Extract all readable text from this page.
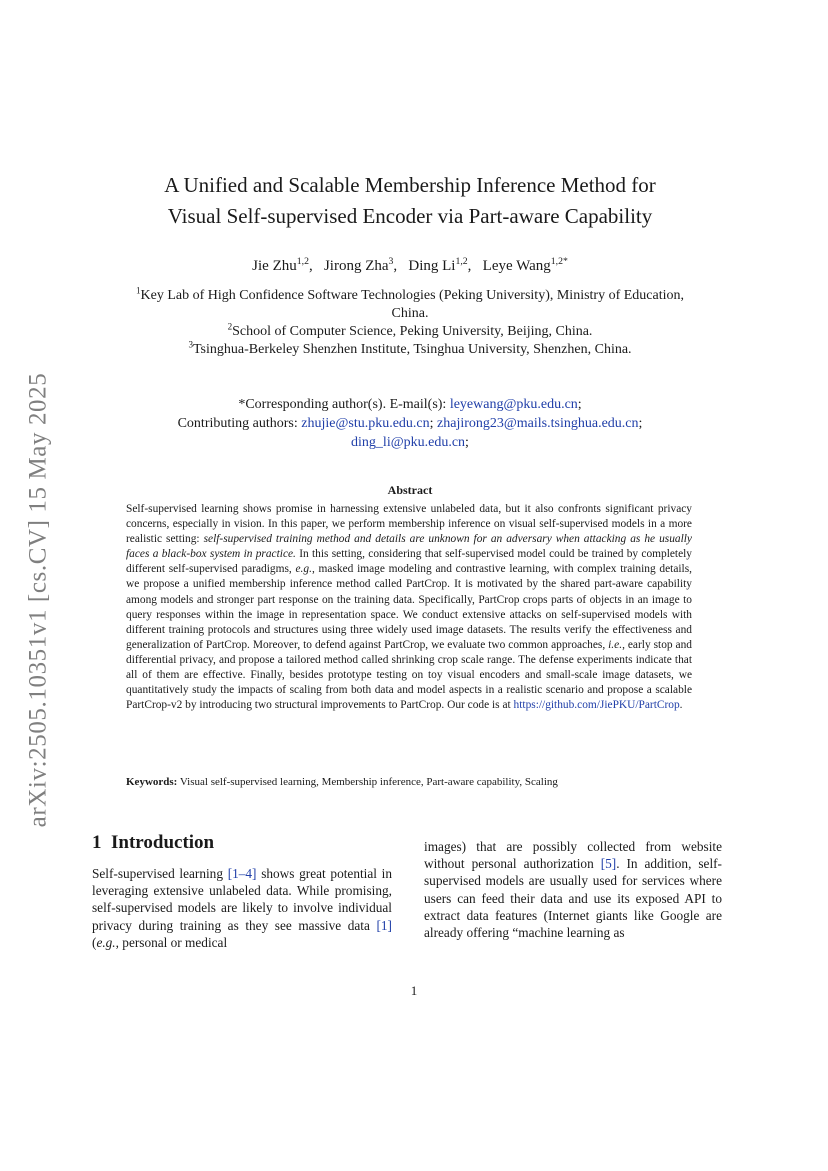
arXiv:2505.10351v1 [cs.CV] 15 May 2025
A Unified and Scalable Membership Inference Method for
Visual Self-supervised Encoder via Part-aware Capability
Jie Zhu$^{1,2}$,   Jirong Zha$^3$,   Ding Li$^{1,2}$,   Leye Wang$^{1,2*}$
$^1$Key Lab of High Confidence Software Technologies (Peking University), Ministry of Education, China.
$^2$School of Computer Science, Peking University, Beijing, China.
$^3$Tsinghua-Berkeley Shenzhen Institute, Tsinghua University, Shenzhen, China.
*Corresponding author(s). E-mail(s): leyewang@pku.edu.cn;
Contributing authors: zhujie@stu.pku.edu.cn; zhajirong23@mails.tsinghua.edu.cn;
ding_li@pku.edu.cn;
Abstract
Self-supervised learning shows promise in harnessing extensive unlabeled data, but it also confronts significant privacy concerns, especially in vision. In this paper, we perform membership inference on visual self-supervised models in a more realistic setting: self-supervised training method and details are unknown for an adversary when attacking as he usually faces a black-box system in practice. In this setting, considering that self-supervised model could be trained by completely different self-supervised paradigms, e.g., masked image modeling and contrastive learning, with complex training details, we propose a unified membership inference method called PartCrop. It is motivated by the shared part-aware capability among models and stronger part response on the training data. Specifically, PartCrop crops parts of objects in an image to query responses within the image in representation space. We conduct extensive attacks on self-supervised models with different training protocols and structures using three widely used image datasets. The results verify the effectiveness and generalization of PartCrop. Moreover, to defend against PartCrop, we evaluate two common approaches, i.e., early stop and differential privacy, and propose a tailored method called shrinking crop scale range. The defense experiments indicate that all of them are effective. Finally, besides prototype testing on toy visual encoders and small-scale image datasets, we quantitatively study the impacts of scaling from both data and model aspects in a realistic scenario and propose a scalable PartCrop-v2 by introducing two structural improvements to PartCrop. Our code is at https://github.com/JiePKU/PartCrop.
Keywords: Visual self-supervised learning, Membership inference, Part-aware capability, Scaling
1 Introduction
Self-supervised learning [1–4] shows great potential in leveraging extensive unlabeled data. While promising, self-supervised models are likely to involve individual privacy during training as they see massive data [1] (e.g., personal or medical
images) that are possibly collected from website without personal authorization [5]. In addition, self-supervised models are usually used for services where users can feed their data and use its exposed API to extract data features (Internet giants like Google are already offering “machine learning as
1
